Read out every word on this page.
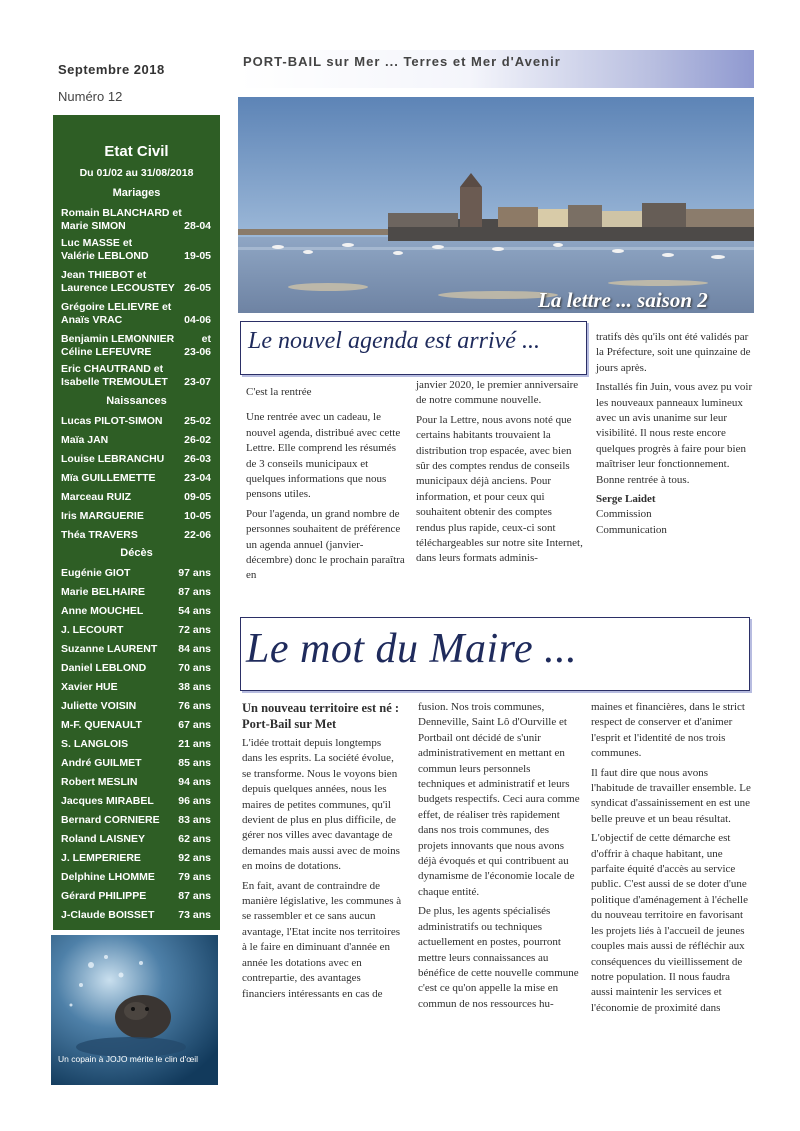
Septembre 2018
Numéro 12
PORT-BAIL sur Mer ... Terres et Mer d'Avenir
La lettre ... saison 2
Etat Civil
Du 01/02 au 31/08/2018
Mariages
Romain BLANCHARD et
Marie SIMON	28-04
Luc MASSE et
Valérie LEBLOND	19-05
Jean THIEBOT et
Laurence LECOUSTEY 26-05
Grégoire LELIEVRE et
Anaïs VRAC	04-06
Benjamin LEMONNIER	et

Céline LEFEUVRE	23-06
Eric CHAUTRAND et
Isabelle TREMOULET 23-07
Naissances
Lucas PILOT-SIMON 25-02
Maïa JAN	26-02
Louise LEBRANCHU 26-03
Mïa GUILLEMETTE	23-04
Marceau RUIZ	09-05
Iris MARGUERIE	10-05
Théa TRAVERS	22-06
Décès
Eugénie GIOT	97 ans
Marie BELHAIRE	87 ans
Anne MOUCHEL	54 ans
J. LECOURT	72 ans
Suzanne LAURENT 84 ans
Daniel LEBLOND	70 ans
Xavier HUE	38 ans
Juliette VOISIN	76 ans
M-F. QUENAULT	67 ans
S. LANGLOIS	21 ans
André GUILMET	85 ans
Robert MESLIN	94 ans
Jacques MIRABEL 96 ans
Bernard CORNIERE 83 ans
Roland LAISNEY	62 ans
J. LEMPERIERE	92 ans
Delphine LHOMME 79 ans
Gérard PHILIPPE	87 ans
J-Claude BOISSET 73 ans
Un copain à JOJO mérite le clin d'œil
Le nouvel agenda est arrivé ...

C'est la rentrée

Une rentrée avec un cadeau, le nouvel agenda, distribué avec cette Lettre. Elle comprend les résumés de 3 conseils municipaux et quelques informations que nous pensons utiles.

Pour l'agenda, un grand nombre de personnes souhaitent de préférence un agenda annuel (janvier-décembre) donc le prochain paraîtra en

janvier 2020, le premier anniversaire de notre commune nouvelle.

Pour la Lettre, nous avons noté que certains habitants trouvaient la distribution trop espacée, avec bien sûr des comptes rendus de conseils municipaux déjà anciens. Pour information, et pour ceux qui souhaitent obtenir des comptes rendus plus rapide, ceux-ci sont téléchargeables sur notre site Internet, dans leurs formats adminis-

tratifs dès qu'ils ont été validés par la Préfecture, soit une quinzaine de jours après.

Installés fin Juin, vous avez pu voir les nouveaux panneaux lumineux avec un avis unanime sur leur visibilité. Il nous reste encore quelques progrès à faire pour bien maîtriser leur fonctionnement. Bonne rentrée à tous.

Serge Laidet
Commission
Communication
Le mot du Maire ...
Un nouveau territoire est né : Port-Bail sur Met

L'idée trottait depuis longtemps dans les esprits. La société évolue, se transforme. Nous le voyons bien depuis quelques années, nous les maires de petites communes, qu'il devient de plus en plus difficile, de gérer nos villes avec davantage de demandes mais aussi avec de moins en moins de dotations.

En fait, avant de contraindre de manière législative, les communes à se rassembler et ce sans aucun avantage, l'Etat incite nos territoires à le faire en diminuant d'année en année les dotations avec en contrepartie, des avantages financiers intéressants en cas de

fusion. Nos trois communes, Denneville, Saint Lô d'Ourville et Portbail ont décidé de s'unir administrativement en mettant en commun leurs personnels techniques et administratif et leurs budgets respectifs. Ceci aura comme effet, de réaliser très rapidement dans nos trois communes, des projets innovants que nous avons déjà évoqués et qui contribuent au dynamisme de l'économie locale de chaque entité.

De plus, les agents spécialisés administratifs ou techniques actuellement en postes, pourront mettre leurs connaissances au bénéfice de cette nouvelle commune c'est ce qu'on appelle la mise en commun de nos ressources hu-

maines et financières, dans le strict respect de conserver et d'animer l'esprit et l'identité de nos trois communes.

Il faut dire que nous avons l'habitude de travailler ensemble. Le syndicat d'assainissement en est une belle preuve et un beau résultat.

L'objectif de cette démarche est d'offrir à chaque habitant, une parfaite équité d'accès au service public. C'est aussi de se doter d'une politique d'aménagement à l'échelle du nouveau territoire en favorisant les projets liés à l'accueil de jeunes couples mais aussi de réfléchir aux conséquences du vieillissement de notre population. Il nous faudra aussi maintenir les services et l'économie de proximité dans
